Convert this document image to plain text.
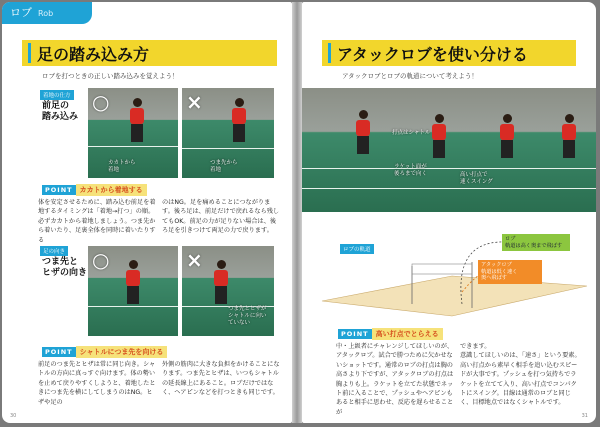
ロブ Rob
足の踏み込み方
ロブを打つときの正しい踏み込みを覚えよう！
着地の仕方
前足の
踏み込み
○
カカトから
着地
×
つま先から
着地
POINT	カカトから着地する
体を安定させるために、踏み込む前足を着地するタイミングは「着地→打つ」の順。必ずカカトから着地しましょう。つま先から着いたり、足裏全体を同時に着いたりする
のはNG。足を痛めることにつながります。後ろ足は、前足だけで戻れるなら残してもOK。前足の力が足りない場合は、後ろ足を引きつけて両足の力で戻ります。
足の向き
つま先と
ヒザの向き
○	×
つま先とヒザが
シャトルに向い
ていない
POINT	シャトルにつま先を向ける
前足のつま先とヒザは常に同じ向き。シャトルの方向に真っすぐ向けます。体の勢いを止めて戻りやすくしようと、着地したときにつま先を横にしてしまうのはNG。ヒザや足の
外側の筋肉に大きな負担をかけることになります。つま先とヒザは、いつもシャトルの延長線上にあること。ロブだけではなく、ヘアピンなどを打つときも同じです。
30
アタックロブを使い分ける
アタックロブとロブの軌道について考えよう！
打点はシャトル
ラケット面が
後ろまで向く	高い打点で
速くスイング
ロブの軌道
ロブ
軌道は高く奥まで飛ばす
アタックロブ
軌道は低く速く
奥へ飛ばす
POINT	高い打点でとらえる
中・上級者にチャレンジしてほしいのが、アタックロブ。試合で勝つために欠かせないショットです。通常のロブの打点は胸の高さより下ですが、アタックロブの打点は胸よりも上。ラケットを立てた状態でネット前に入ることで、プッシュやヘアピンもあると相手に思わせ、反応を遅らせることが
できます。
意識してほしいのは、「速さ」という要素。高い打点から素早く相手を追い込むスピードが大事です。プッシュを打つ気持ちでラケットを立てて入り、高い打点でコンパクトにスイング。目線は通常のロブと同じく、目標地点ではなくシャトルです。
31
